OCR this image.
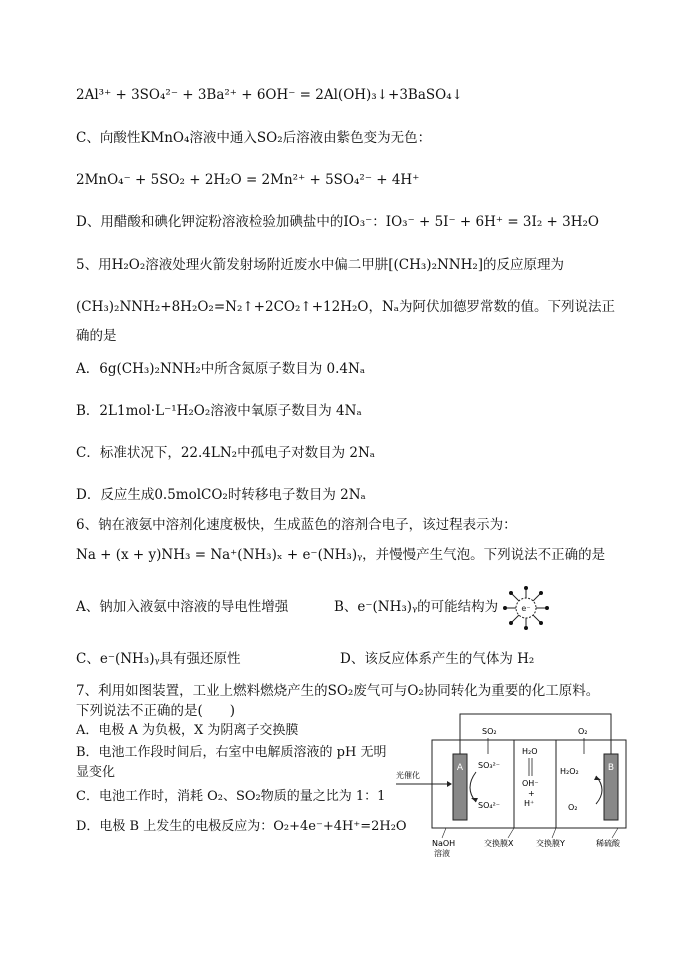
2Al³⁺ + 3SO₄²⁻ + 3Ba²⁺ + 6OH⁻ = 2Al(OH)₃↓+3BaSO₄↓
C、向酸性KMnO₄溶液中通入SO₂后溶液由紫色变为无色：
2MnO₄⁻ + 5SO₂ + 2H₂O = 2Mn²⁺ + 5SO₄²⁻ + 4H⁺
D、用醋酸和碘化钾淀粉溶液检验加碘盐中的IO₃⁻：IO₃⁻ + 5I⁻ + 6H⁺ = 3I₂ + 3H₂O
5、用H₂O₂溶液处理火箭发射场附近废水中偏二甲肼[(CH₃)₂NNH₂]的反应原理为
(CH₃)₂NNH₂+8H₂O₂=N₂↑+2CO₂↑+12H₂O，Nₐ为阿伏加德罗常数的值。下列说法正
确的是
A．6g(CH₃)₂NNH₂中所含氮原子数目为 0.4Nₐ
B．2L1mol·L⁻¹H₂O₂溶液中氧原子数目为 4Nₐ
C．标准状况下，22.4LN₂中孤电子对数目为 2Nₐ
D．反应生成0.5molCO₂时转移电子数目为 2Nₐ
6、钠在液氨中溶剂化速度极快，生成蓝色的溶剂合电子，该过程表示为：
Na + (x + y)NH₃ = Na⁺(NH₃)ₓ + e⁻(NH₃)ᵧ，并慢慢产生气泡。下列说法不正确的是
A、钠加入液氨中溶液的导电性增强	B、e⁻(NH₃)ᵧ的可能结构为	e⁻
C、e⁻(NH₃)ᵧ具有强还原性	D、该反应体系产生的气体为 H₂
7、利用如图装置，工业上燃料燃烧产生的SO₂废气可与O₂协同转化为重要的化工原料。
下列说法不正确的是(　　)
A．电极 A 为负极，X 为阴离子交换膜
B．电池工作段时间后，右室中电解质溶液的 pH 无明
显变化
C．电池工作时，消耗 O₂、SO₂物质的量之比为 1：1
D．电极 B 上发生的电极反应为：O₂+4e⁻+4H⁺=2H₂O
A	B
SO₂
SO₃²⁻
SO₄²⁻
H₂O
OH⁻
+
H⁺
O₂
H₂O₂
O₂
光催化
NaOH
溶液
交换膜X	交换膜Y	稀硫酸
